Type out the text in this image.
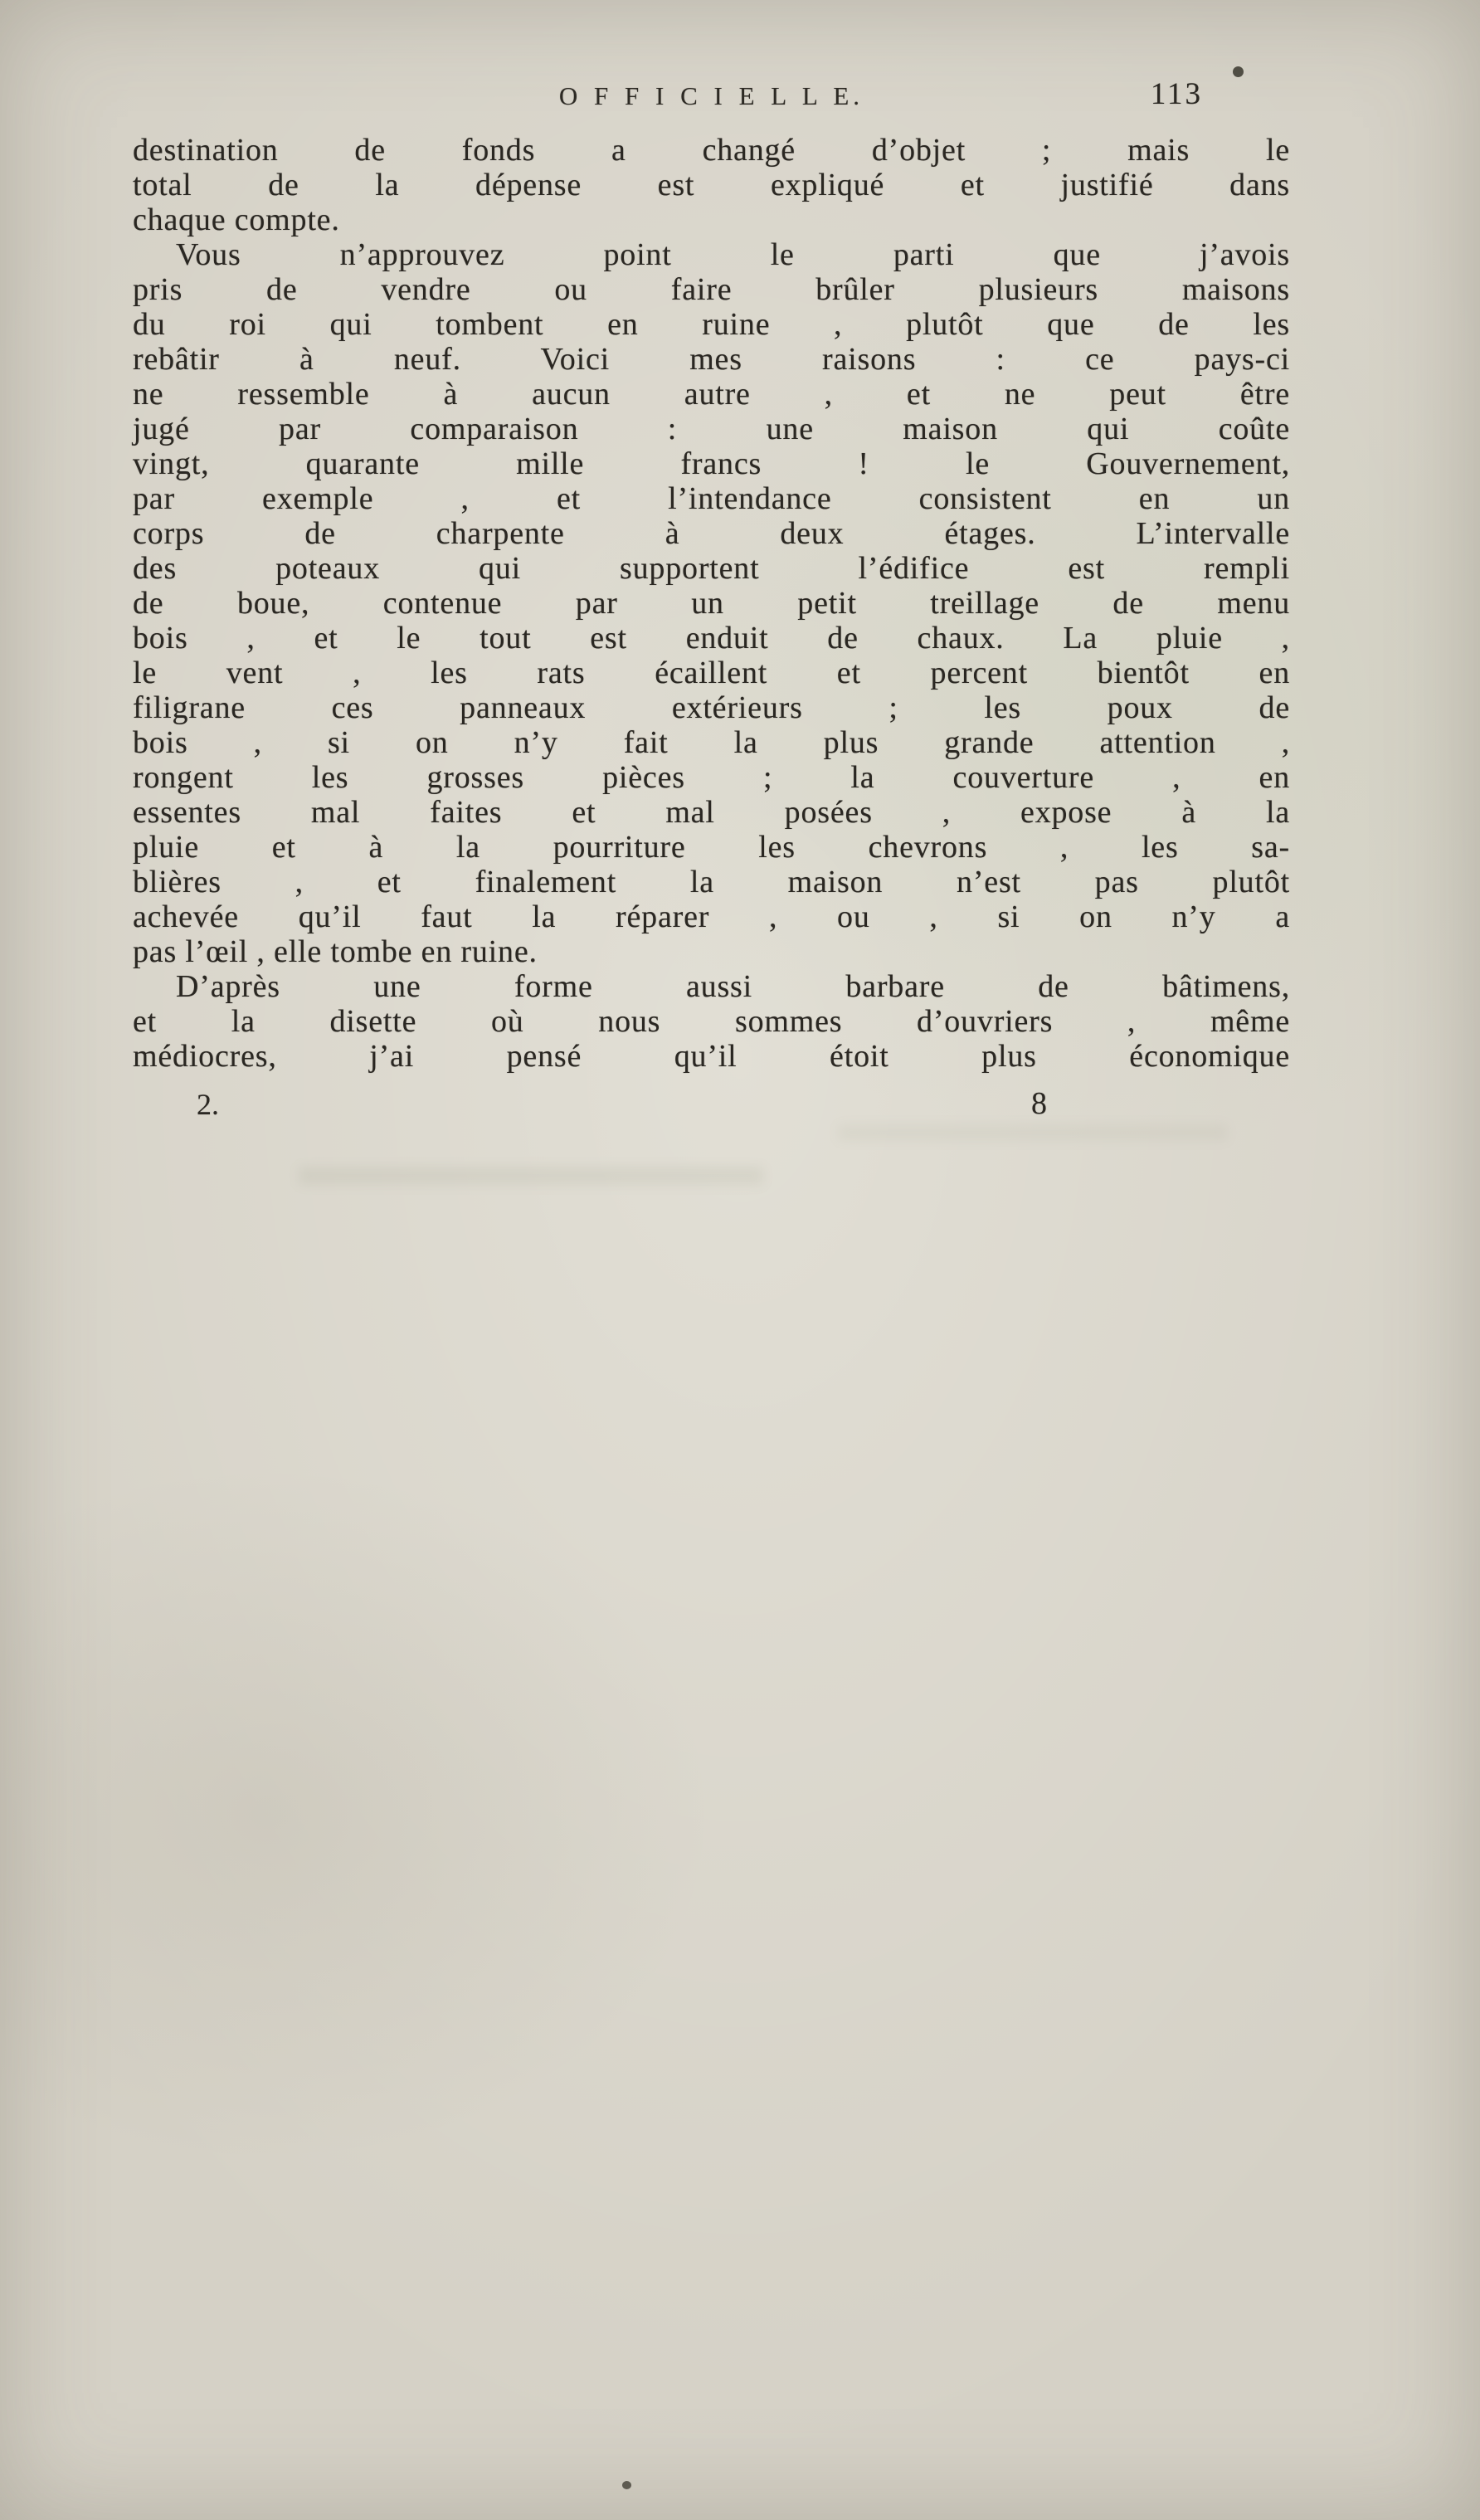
O F F I C I E L L E.	113
destination de fonds a changé d’objet ; mais le
total de la dépense est expliqué et justifié dans
chaque compte.
Vous n’approuvez point le parti que j’avois
pris de vendre ou faire brûler plusieurs maisons
du roi qui tombent en ruine , plutôt que de les
rebâtir à neuf. Voici mes raisons : ce pays-ci
ne ressemble à aucun autre , et ne peut être
jugé par comparaison : une maison qui coûte
vingt, quarante mille francs ! le Gouvernement,
par exemple , et l’intendance consistent en un
corps de charpente à deux étages. L’intervalle
des poteaux qui supportent l’édifice est rempli
de boue, contenue par un petit treillage de menu
bois , et le tout est enduit de chaux. La pluie ,
le vent , les rats écaillent et percent bientôt en
filigrane ces panneaux extérieurs ; les poux de
bois , si on n’y fait la plus grande attention ,
rongent les grosses pièces ; la couverture , en
essentes mal faites et mal posées , expose à la
pluie et à la pourriture les chevrons , les sa-
blières , et finalement la maison n’est pas plutôt
achevée qu’il faut la réparer , ou , si on n’y a
pas l’œil , elle tombe en ruine.
D’après une forme aussi barbare de bâtimens,
et la disette où nous sommes d’ouvriers , même
médiocres, j’ai pensé qu’il étoit plus économique
2.	8
